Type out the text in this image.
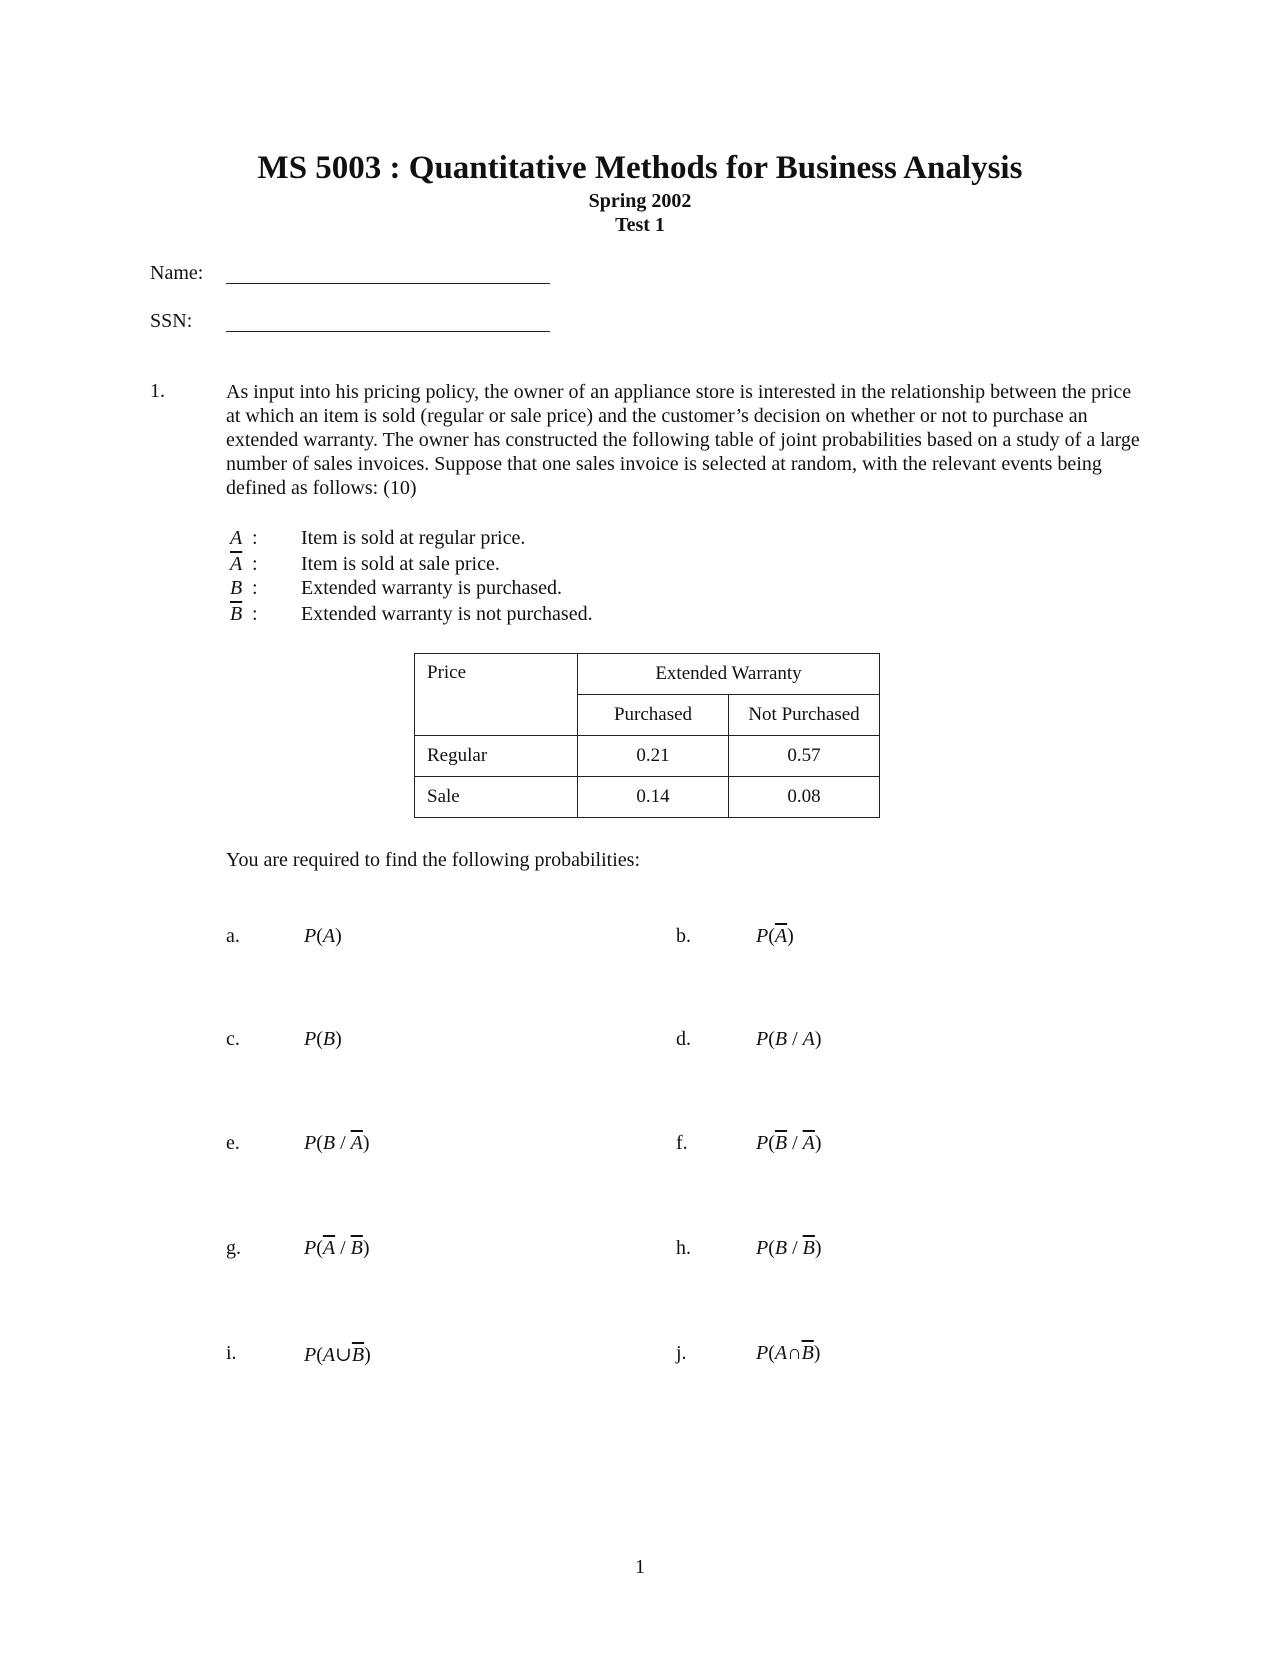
MS 5003 : Quantitative Methods for Business Analysis
Spring 2002
Test 1
Name:
SSN:
1.	As input into his pricing policy, the owner of an appliance store is interested in the relationship between the price at which an item is sold (regular or sale price) and the customer’s decision on whether or not to purchase an extended warranty. The owner has constructed the following table of joint probabilities based on a study of a large number of sales invoices. Suppose that one sales invoice is selected at random, with the relevant events being defined as follows: (10)
A : Item is sold at regular price.
$\overline{A}$ : Item is sold at sale price.
B : Extended warranty is purchased.
$\overline{B}$ : Extended warranty is not purchased.
Price	Extended Warranty	
	Purchased	Not Purchased
Regular	0.21	0.57
Sale	0.14	0.08
You are required to find the following probabilities:
a.	P(A)	b.	$P(\overline{A})$
c.	P(B)	d.	P(B / A)
e.	$P(B / \overline{A})$	f.	$P(\overline{B} / \overline{A})$
g.	$P(\overline{A} / \overline{B})$	h.	$P(B / \overline{B})$
i.	$P(A\cup\overline{B})$	j.	$P(A\cap\overline{B})$
1
